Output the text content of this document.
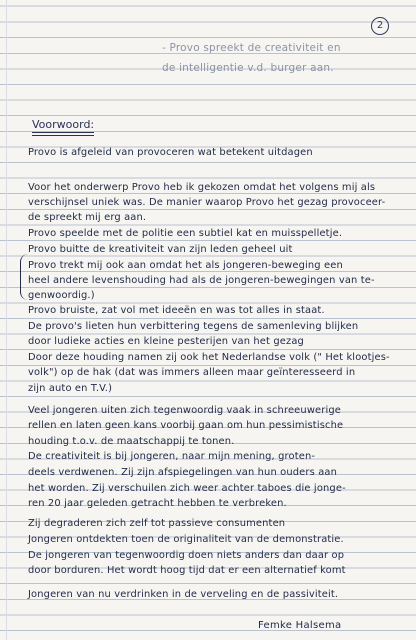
2
- Provo spreekt de creativiteit en
de intelligentie v.d. burger aan.
Voorwoord:
Provo is afgeleid van provoceren wat betekent uitdagen
Voor het onderwerp Provo heb ik gekozen omdat het volgens mij als
verschijnsel uniek was. De manier waarop Provo het gezag provoceer-
de spreekt mij erg aan.
Provo speelde met de politie een subtiel kat en muisspelletje.
Provo buitte de kreativiteit van zijn leden geheel uit
Provo trekt mij ook aan omdat het als jongeren-beweging een
heel andere levenshouding had als de jongeren-bewegingen van te-
genwoordig.)
Provo bruiste, zat vol met ideeën en was tot alles in staat.
De provo's lieten hun verbittering tegens de samenleving blijken
door ludieke acties en kleine pesterijen van het gezag
Door deze houding namen zij ook het Nederlandse volk (" Het klootjes-
volk") op de hak (dat was immers alleen maar geïnteresseerd in
zijn auto en T.V.)
Veel jongeren uiten zich tegenwoordig vaak in schreeuwerige
rellen en laten geen kans voorbij gaan om hun pessimistische
houding t.o.v. de maatschappij te tonen.
De creativiteit is bij jongeren, naar mijn mening, groten-
deels verdwenen. Zij zijn afspiegelingen van hun ouders aan
het worden. Zij verschuilen zich weer achter taboes die jonge-
ren 20 jaar geleden getracht hebben te verbreken.
Zij degraderen zich zelf tot passieve consumenten
Jongeren ontdekten toen de originaliteit van de demonstratie.
De jongeren van tegenwoordig doen niets anders dan daar op
door borduren. Het wordt hoog tijd dat er een alternatief komt
Jongeren van nu verdrinken in de verveling en de passiviteit.
Femke Halsema
